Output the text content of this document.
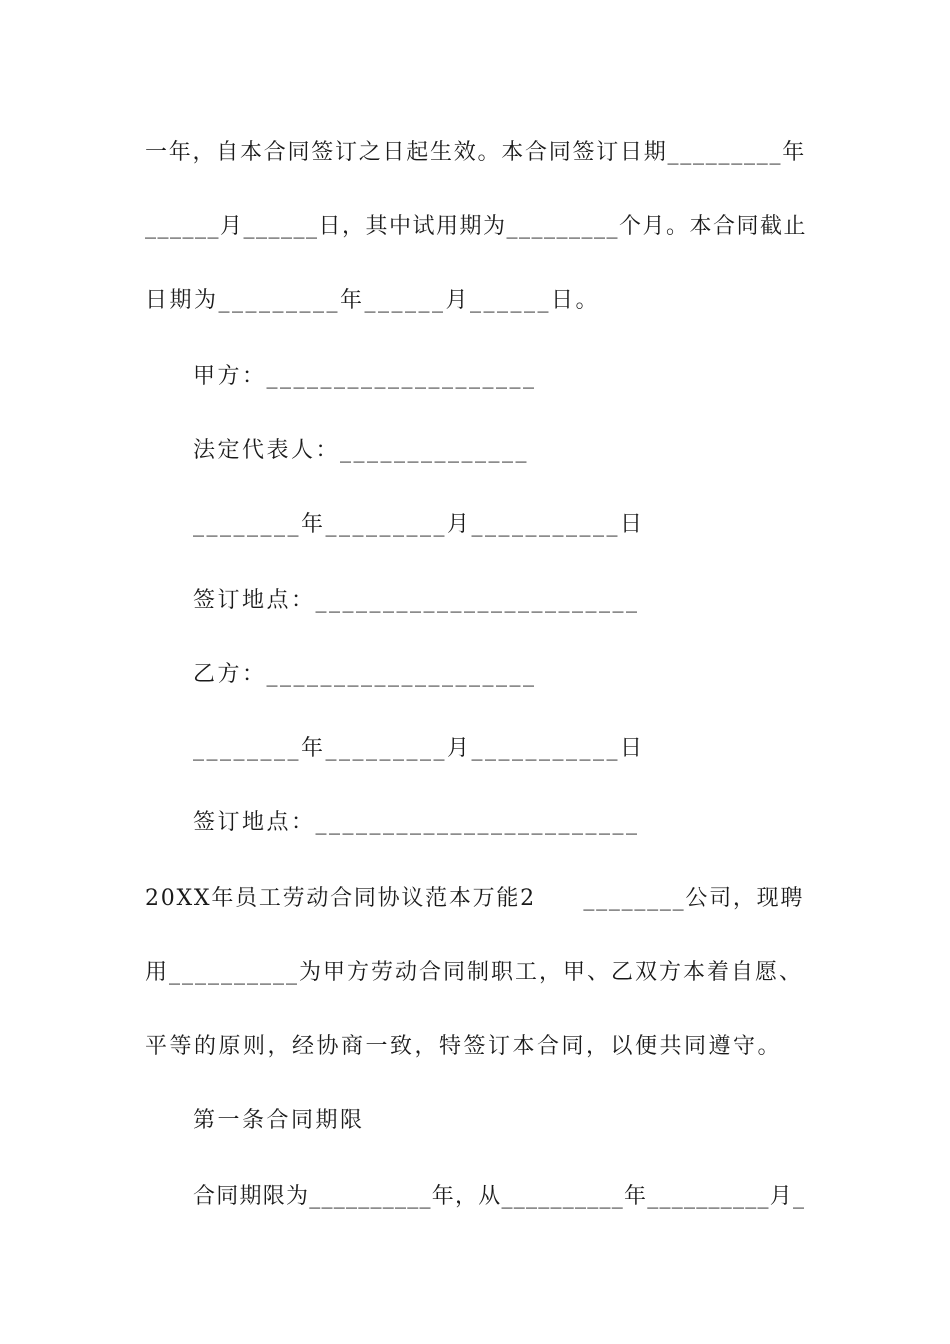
一年，自本合同签订之日起生效。本合同签订日期_________年
______月______日，其中试用期为_________个月。本合同截止
日期为_________年______月______日。
甲方：____________________
法定代表人：______________
________年_________月___________日
签订地点：________________________
乙方：____________________
________年_________月___________日
签订地点：________________________
20XX年员工劳动合同协议范本万能2　　________公司，现聘
用__________为甲方劳动合同制职工，甲、乙双方本着自愿、
平等的原则，经协商一致，特签订本合同，以便共同遵守。
第一条合同期限
合同期限为__________年，从__________年__________月_
